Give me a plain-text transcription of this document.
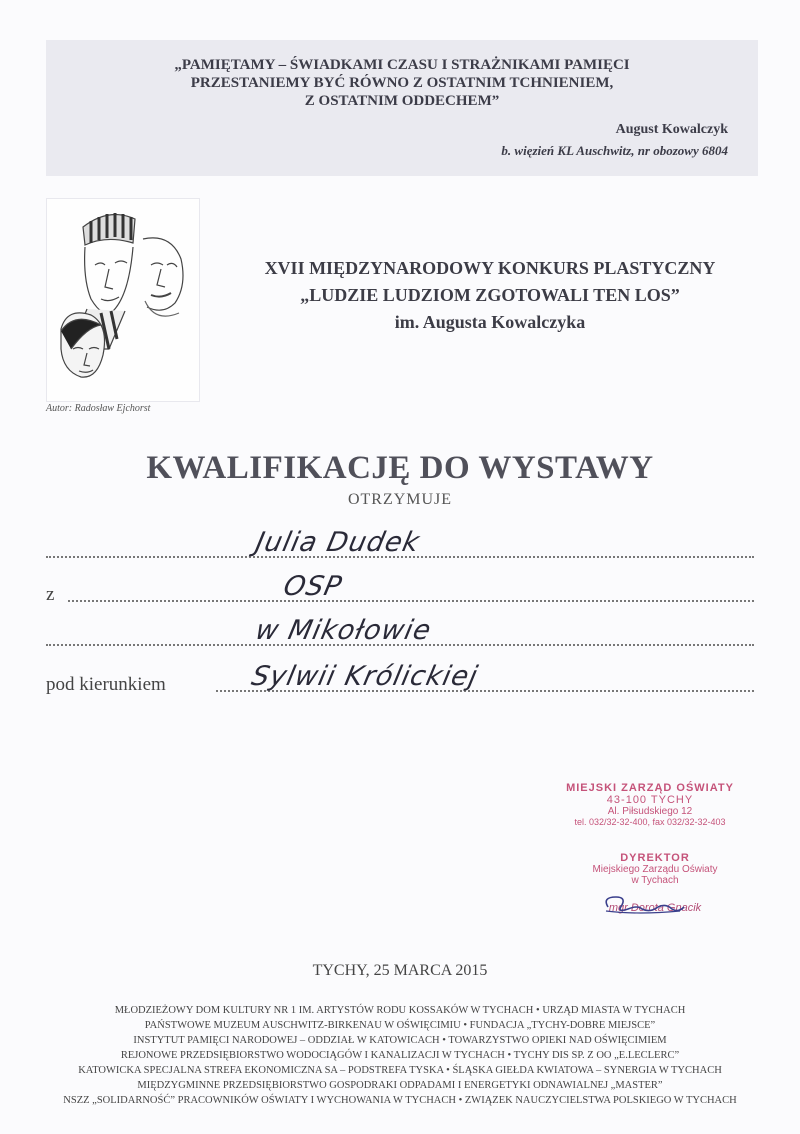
„PAMIĘTAMY – ŚWIADKAMI CZASU I STRAŻNIKAMI PAMIĘCI
PRZESTANIEMY BYĆ RÓWNO Z OSTATNIM TCHNIENIEM,
Z OSTATNIM ODDECHEM”
August Kowalczyk
b. więzień KL Auschwitz, nr obozowy 6804
Autor: Radosław Ejchorst
XVII MIĘDZYNARODOWY KONKURS PLASTYCZNY
„LUDZIE LUDZIOM ZGOTOWALI TEN LOS”
im. Augusta Kowalczyka
KWALIFIKACJĘ DO WYSTAWY
OTRZYMUJE
Julia Dudek
z	OSP
w Mikołowie
pod kierunkiem	Sylwii Królickiej
MIEJSKI ZARZĄD OŚWIATY
43-100 TYCHY
Al. Piłsudskiego 12
tel. 032/32-32-400, fax 032/32-32-403
DYREKTOR
Miejskiego Zarządu Oświaty
w Tychach
mgr Dorota Gnacik
TYCHY, 25 MARCA 2015
MŁODZIEŻOWY DOM KULTURY NR 1 IM. ARTYSTÓW RODU KOSSAKÓW W TYCHACH • URZĄD MIASTA W TYCHACH
PAŃSTWOWE MUZEUM AUSCHWITZ-BIRKENAU W OŚWIĘCIMIU • FUNDACJA „TYCHY-DOBRE MIEJSCE”
INSTYTUT PAMIĘCI NARODOWEJ – ODDZIAŁ W KATOWICACH • TOWARZYSTWO OPIEKI NAD OŚWIĘCIMIEM
REJONOWE PRZEDSIĘBIORSTWO WODOCIĄGÓW I KANALIZACJI W TYCHACH • TYCHY DIS SP. Z OO „E.LECLERC”
KATOWICKA SPECJALNA STREFA EKONOMICZNA SA – PODSTREFA TYSKA • ŚLĄSKA GIEŁDA KWIATOWA – SYNERGIA W TYCHACH
MIĘDZYGMINNE PRZEDSIĘBIORSTWO GOSPODRAKI ODPADAMI I ENERGETYKI ODNAWIALNEJ „MASTER”
NSZZ „SOLIDARNOŚĆ” PRACOWNIKÓW OŚWIATY I WYCHOWANIA W TYCHACH • ZWIĄZEK NAUCZYCIELSTWA POLSKIEGO W TYCHACH
